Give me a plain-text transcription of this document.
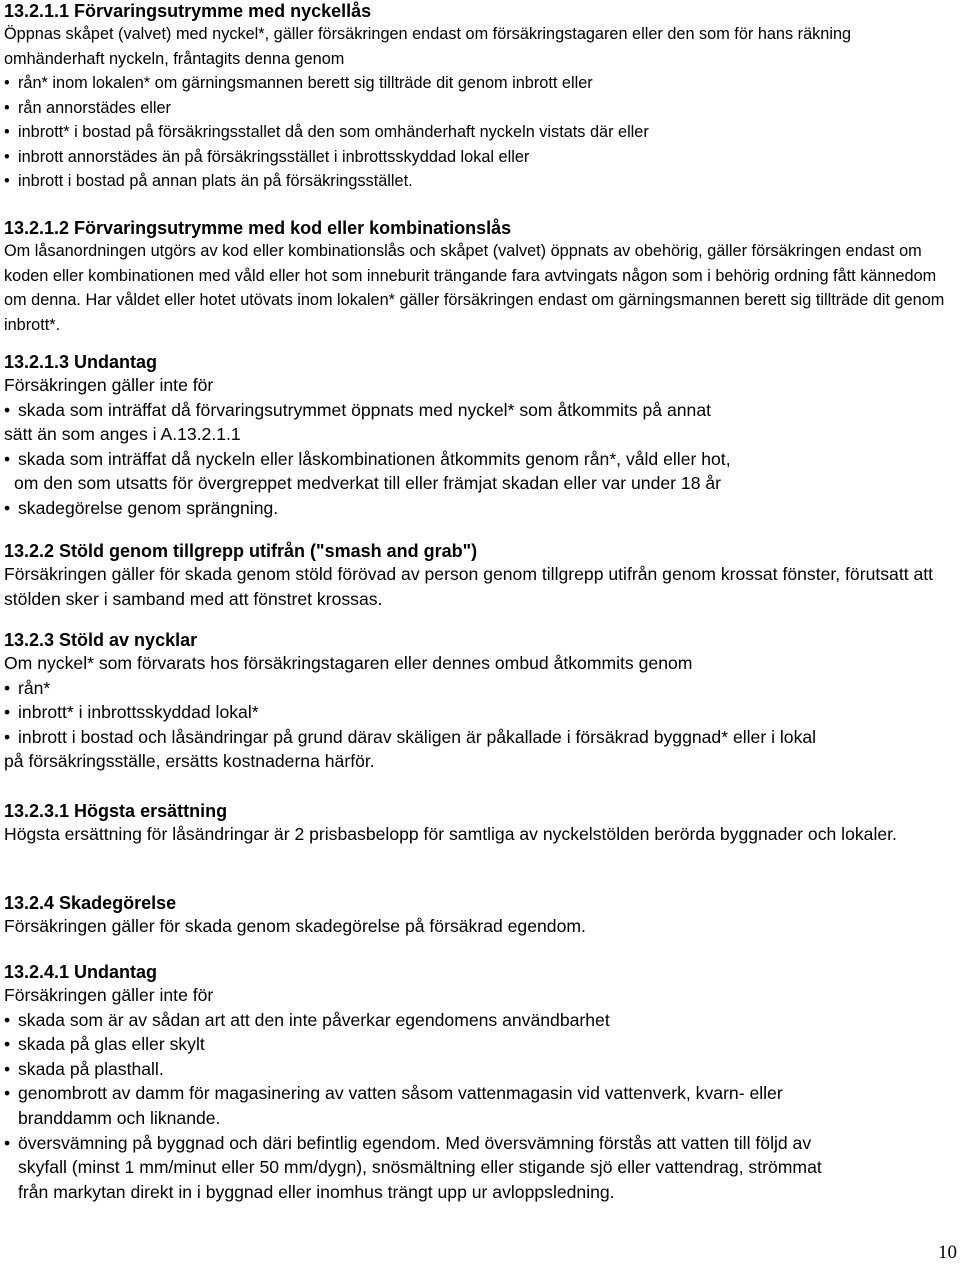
13.2.1.1 Förvaringsutrymme med nyckellås

Öppnas skåpet (valvet) med nyckel*, gäller försäkringen endast om försäkringstagaren eller den som för hans räkning omhänderhaft nyckeln, fråntagits denna genom

• rån* inom lokalen* om gärningsmannen berett sig tillträde dit genom inbrott eller
• rån annorstädes eller
• inbrott* i bostad på försäkringsstallet då den som omhänderhaft nyckeln vistats där eller
• inbrott annorstädes än på försäkringsstället i inbrottsskyddad lokal eller
• inbrott i bostad på annan plats än på försäkringsstället.
13.2.1.2 Förvaringsutrymme med kod eller kombinationslås

Om låsanordningen utgörs av kod eller kombinationslås och skåpet (valvet) öppnats av obehörig, gäller försäkringen endast om koden eller kombinationen med våld eller hot som inneburit trängande fara avtvingats någon som i behörig ordning fått kännedom om denna. Har våldet eller hotet utövats inom lokalen* gäller försäkringen endast om gärningsmannen berett sig tillträde dit genom inbrott*.

13.2.1.3 Undantag

Försäkringen gäller inte för

• skada som inträffat då förvaringsutrymmet öppnats med nyckel* som åtkommits på annat

sätt än som anges i A.13.2.1.1

• skada som inträffat då nyckeln eller låskombinationen åtkommits genom rån*, våld eller hot,

om den som utsatts för övergreppet medverkat till eller främjat skadan eller var under 18 år

• skadegörelse genom sprängning.
13.2.2 Stöld genom tillgrepp utifrån ("smash and grab")

Försäkringen gäller för skada genom stöld förövad av person genom tillgrepp utifrån genom krossat fönster, förutsatt att stölden sker i samband med att fönstret krossas.

13.2.3 Stöld av nycklar

Om nyckel* som förvarats hos försäkringstagaren eller dennes ombud åtkommits genom

• rån*
• inbrott* i inbrottsskyddad lokal*
• inbrott i bostad och låsändringar på grund därav skäligen är påkallade i försäkrad byggnad* eller i lokal

på försäkringsställe, ersätts kostnaderna härför.

13.2.3.1 Högsta ersättning

Högsta ersättning för låsändringar är 2 prisbasbelopp för samtliga av nyckelstölden berörda byggnader och lokaler.

13.2.4 Skadegörelse

Försäkringen gäller för skada genom skadegörelse på försäkrad egendom.

13.2.4.1 Undantag

Försäkringen gäller inte för

• skada som är av sådan art att den inte påverkar egendomens användbarhet
• skada på glas eller skylt
• skada på plasthall.
• genombrott av damm för magasinering av vatten såsom vattenmagasin vid vattenverk, kvarn- eller branddamm och liknande.
• översvämning på byggnad och däri befintlig egendom. Med översvämning förstås att vatten till följd av skyfall (minst 1 mm/minut eller 50 mm/dygn), snösmältning eller stigande sjö eller vattendrag, strömmat från markytan direkt in i byggnad eller inomhus trängt upp ur avloppsledning.
10
